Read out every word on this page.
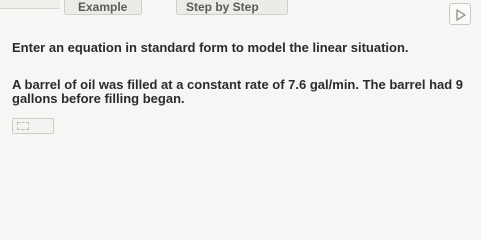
Example	Step by Step
Enter an equation in standard form to model the linear situation.
A barrel of oil was filled at a constant rate of 7.6 gal/min. The barrel had 9 gallons before filling began.
